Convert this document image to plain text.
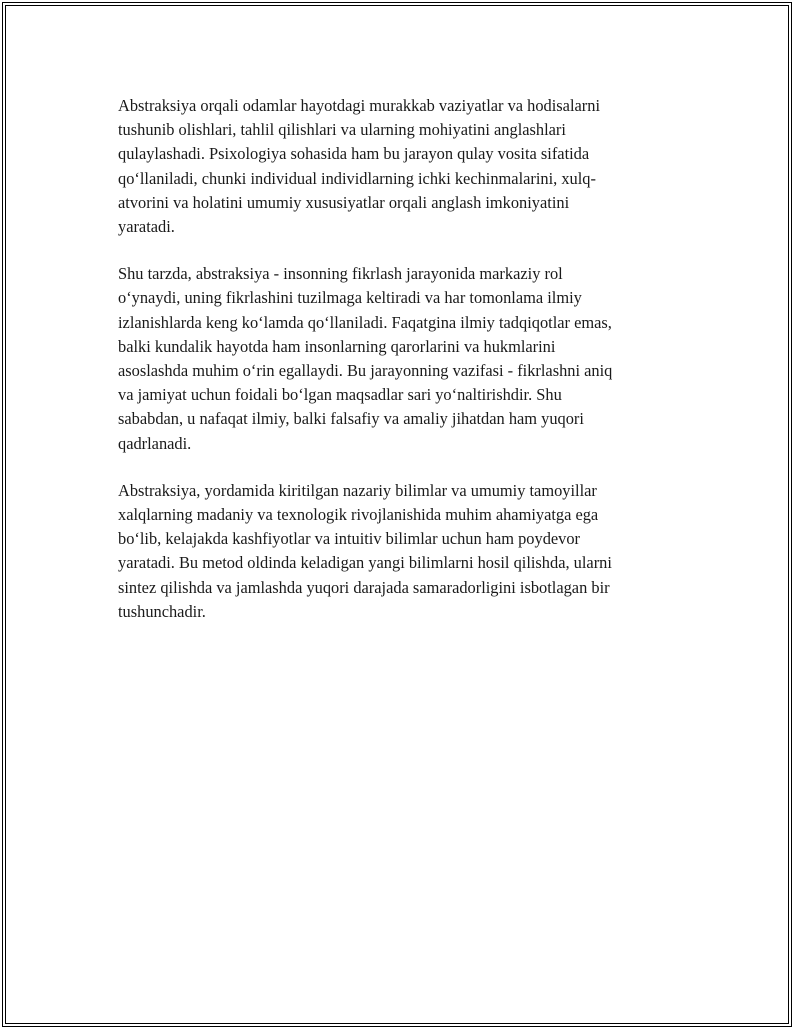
Abstraksiya orqali odamlar hayotdagi murakkab vaziyatlar va hodisalarni
tushunib olishlari, tahlil qilishlari va ularning mohiyatini anglashlari
qulaylashadi. Psixologiya sohasida ham bu jarayon qulay vosita sifatida
qo‘llaniladi, chunki individual individlarning ichki kechinmalarini, xulq-
atvorini va holatini umumiy xususiyatlar orqali anglash imkoniyatini
yaratadi.

Shu tarzda, abstraksiya - insonning fikrlash jarayonida markaziy rol
o‘ynaydi, uning fikrlashini tuzilmaga keltiradi va har tomonlama ilmiy
izlanishlarda keng ko‘lamda qo‘llaniladi. Faqatgina ilmiy tadqiqotlar emas,
balki kundalik hayotda ham insonlarning qarorlarini va hukmlarini
asoslashda muhim o‘rin egallaydi. Bu jarayonning vazifasi - fikrlashni aniq
va jamiyat uchun foidali bo‘lgan maqsadlar sari yo‘naltirishdir. Shu
sababdan, u nafaqat ilmiy, balki falsafiy va amaliy jihatdan ham yuqori
qadrlanadi.

Abstraksiya, yordamida kiritilgan nazariy bilimlar va umumiy tamoyillar
xalqlarning madaniy va texnologik rivojlanishida muhim ahamiyatga ega
bo‘lib, kelajakda kashfiyotlar va intuitiv bilimlar uchun ham poydevor
yaratadi. Bu metod oldinda keladigan yangi bilimlarni hosil qilishda, ularni
sintez qilishda va jamlashda yuqori darajada samaradorligini isbotlagan bir
tushunchadir.
